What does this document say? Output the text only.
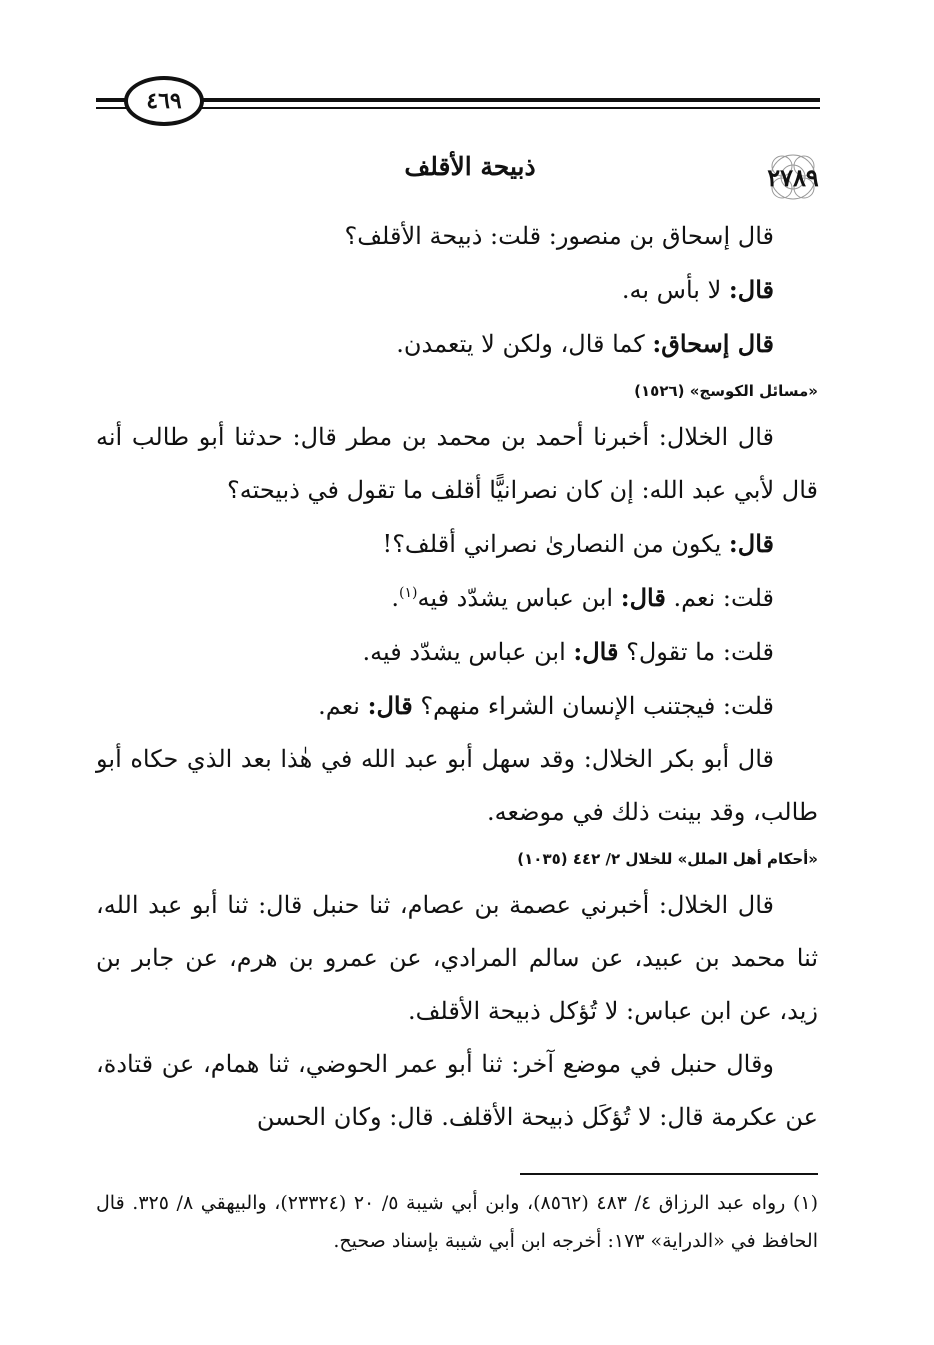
٤٦٩
٢٧٨٩
ذبيحة الأقلف

قال إسحاق بن منصور: قلت: ذبيحة الأقلف؟

قال: لا بأس به.

قال إسحاق: كما قال، ولكن لا يتعمدن.

«مسائل الكوسج» (١٥٢٦)

قال الخلال: أخبرنا أحمد بن محمد بن مطر قال: حدثنا أبو طالب أنه قال لأبي عبد الله: إن كان نصرانيًّا أقلف ما تقول في ذبيحته؟

قال: يكون من النصارىٰ نصراني أقلف؟!

قلت: نعم. قال: ابن عباس يشدّد فيه$^{(١)}$.

قلت: ما تقول؟ قال: ابن عباس يشدّد فيه.

قلت: فيجتنب الإنسان الشراء منهم؟ قال: نعم.

قال أبو بكر الخلال: وقد سهل أبو عبد الله في هٰذا بعد الذي حكاه أبو طالب، وقد بينت ذلك في موضعه.

«أحكام أهل الملل» للخلال ٢/ ٤٤٢ (١٠٣٥)

قال الخلال: أخبرني عصمة بن عصام، ثنا حنبل قال: ثنا أبو عبد الله، ثنا محمد بن عبيد، عن سالم المرادي، عن عمرو بن هرم، عن جابر بن زيد، عن ابن عباس: لا تُؤكل ذبيحة الأقلف.

وقال حنبل في موضع آخر: ثنا أبو عمر الحوضي، ثنا همام، عن قتادة، عن عكرمة قال: لا تُؤكَل ذبيحة الأقلف. قال: وكان الحسن

(١) رواه عبد الرزاق ٤/ ٤٨٣ (٨٥٦٢)، وابن أبي شيبة ٥/ ٢٠ (٢٣٣٢٤)، والبيهقي ٨/ ٣٢٥. قال الحافظ في «الدراية» ١٧٣: أخرجه ابن أبي شيبة بإسناد صحيح.
